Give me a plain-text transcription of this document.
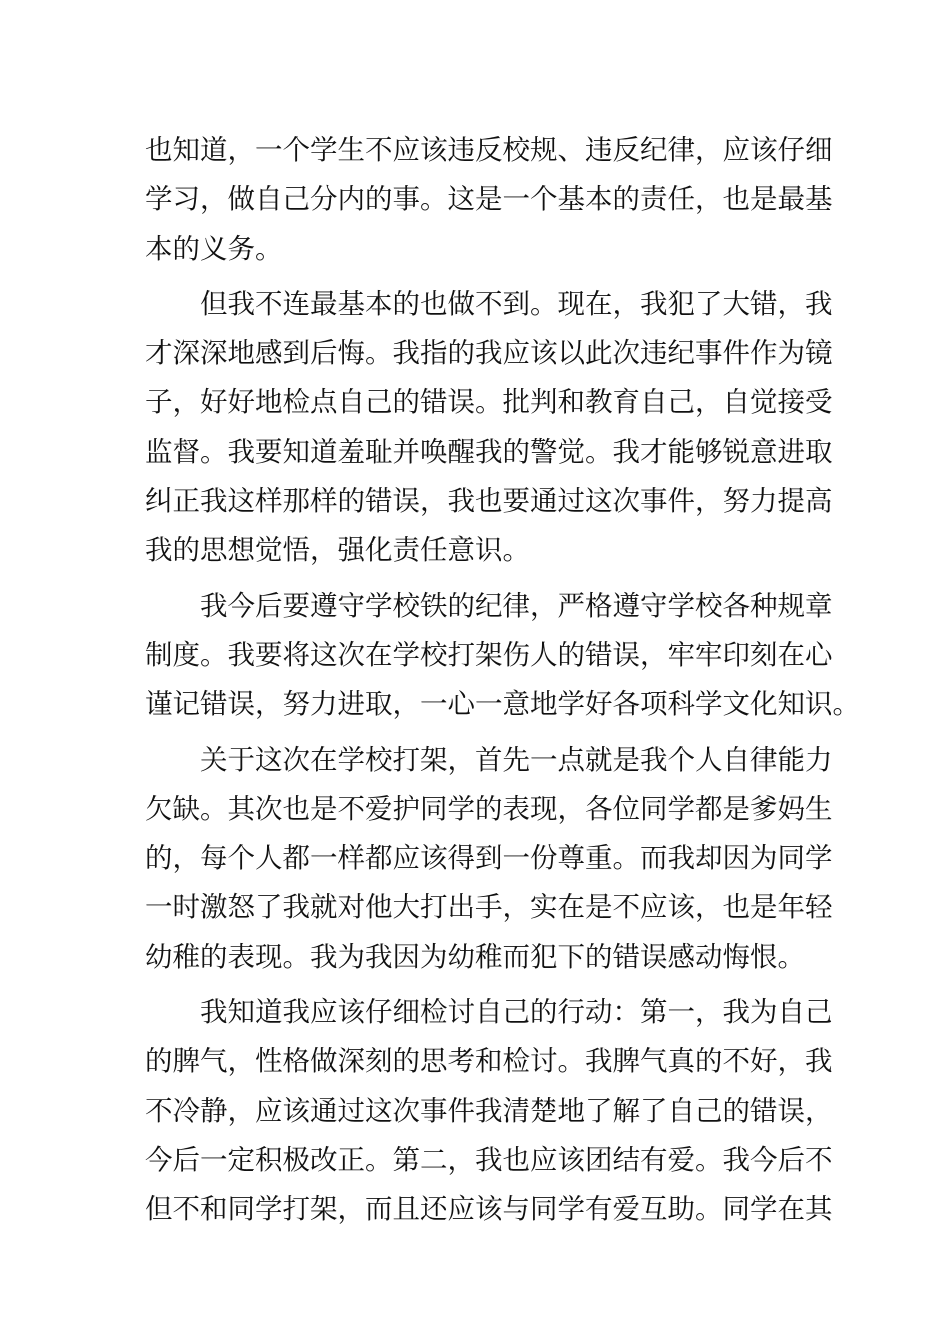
也知道，一个学生不应该违反校规、违反纪律，应该仔细
学习，做自己分内的事。这是一个基本的责任，也是最基
本的义务。
但我不连最基本的也做不到。现在，我犯了大错，我
才深深地感到后悔。我指的我应该以此次违纪事件作为镜
子，好好地检点自己的错误。批判和教育自己，自觉接受
监督。我要知道羞耻并唤醒我的警觉。我才能够锐意进取
纠正我这样那样的错误，我也要通过这次事件，努力提高
我的思想觉悟，强化责任意识。
我今后要遵守学校铁的纪律，严格遵守学校各种规章
制度。我要将这次在学校打架伤人的错误，牢牢印刻在心
谨记错误，努力进取，一心一意地学好各项科学文化知识。
关于这次在学校打架，首先一点就是我个人自律能力
欠缺。其次也是不爱护同学的表现，各位同学都是爹妈生
的，每个人都一样都应该得到一份尊重。而我却因为同学
一时激怒了我就对他大打出手，实在是不应该，也是年轻
幼稚的表现。我为我因为幼稚而犯下的错误感动悔恨。
我知道我应该仔细检讨自己的行动：第一，我为自己
的脾气，性格做深刻的思考和检讨。我脾气真的不好，我
不冷静，应该通过这次事件我清楚地了解了自己的错误，
今后一定积极改正。第二，我也应该团结有爱。我今后不
但不和同学打架，而且还应该与同学有爱互助。同学在其
